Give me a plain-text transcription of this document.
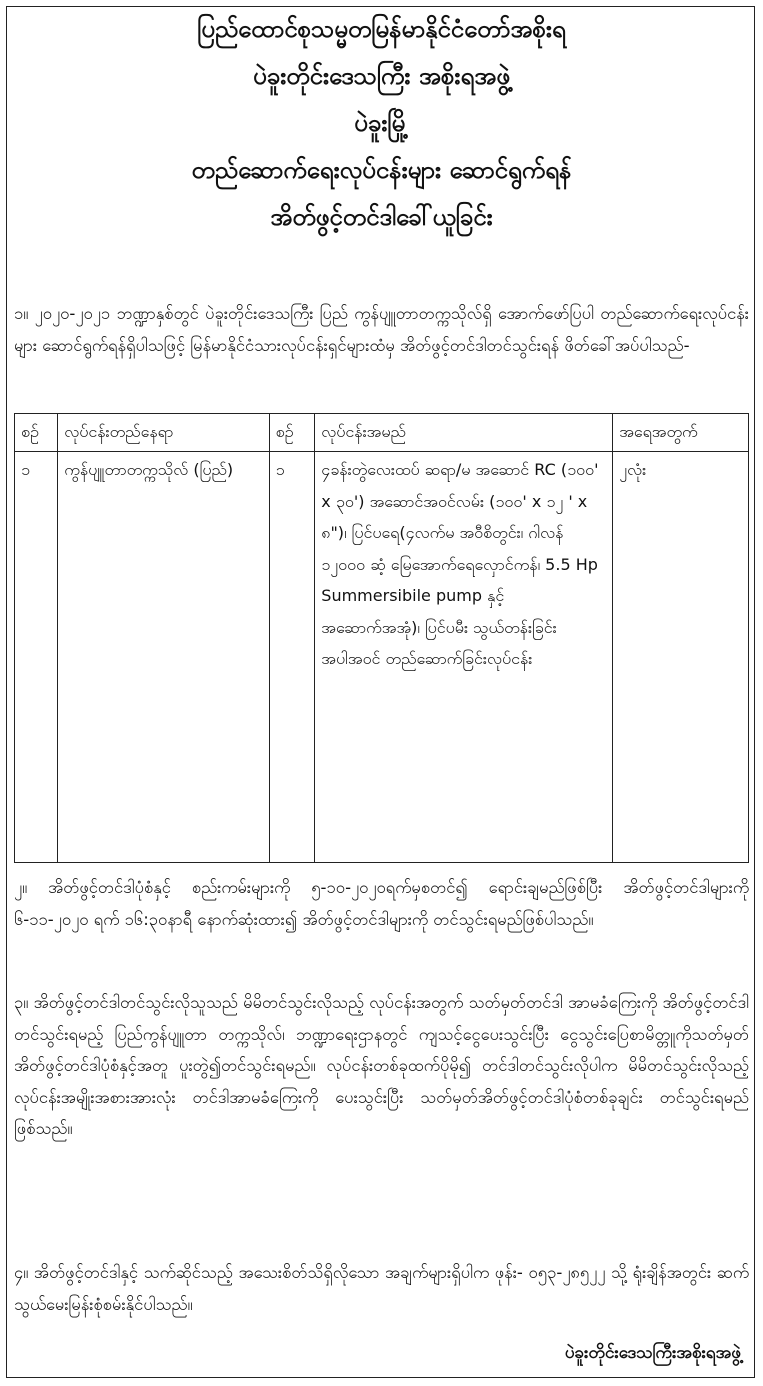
ပြည်ထောင်စုသမ္မတမြန်မာနိုင်ငံတော်အစိုးရ
ပဲခူးတိုင်းဒေသကြီး အစိုးရအဖွဲ့
ပဲခူးမြို့
တည်ဆောက်ရေးလုပ်ငန်းများ ဆောင်ရွက်ရန်
အိတ်ဖွင့်တင်ဒါခေါ်ယူခြင်း
၁။ ၂၀၂၀-၂၀၂၁ ဘဏ္ဍာနှစ်တွင် ပဲခူးတိုင်းဒေသကြီး ပြည် ကွန်ပျူတာတက္ကသိုလ်ရှိ အောက်ဖော်ပြပါ တည်ဆောက်ရေးလုပ်ငန်းများ ဆောင်ရွက်ရန်ရှိပါသဖြင့် မြန်မာနိုင်ငံသားလုပ်ငန်းရှင်များထံမှ အိတ်ဖွင့်တင်ဒါတင်သွင်းရန် ဖိတ်ခေါ်အပ်ပါသည်-
စဉ်	လုပ်ငန်းတည်နေရာ	စဉ်	လုပ်ငန်းအမည်	အရေအတွက်
၁	ကွန်ပျူတာတက္ကသိုလ် (ပြည်)	၁	၄ခန်းတွဲလေးထပ် ဆရာ/မ အဆောင် RC (၁၀၀' x ၃၀') အဆောင်အဝင်လမ်း (၁၀၀' x ၁၂ ' x ၈")၊ ပြင်ပရေ(၄လက်မ အဝီစိတွင်း၊ ဂါလန် ၁၂၀၀၀ ဆံ့ မြေအောက်ရေလှောင်ကန်၊ 5.5 Hp Summersibile pump နှင့် အဆောက်အအုံ)၊ ပြင်ပမီး သွယ်တန်းခြင်း အပါအဝင် တည်ဆောက်ခြင်းလုပ်ငန်း	၂လုံး
၂။ အိတ်ဖွင့်တင်ဒါပုံစံနှင့် စည်းကမ်းများကို ၅-၁၀-၂၀၂၀ရက်မှစတင်၍ ရောင်းချမည်ဖြစ်ပြီး အိတ်ဖွင့်တင်ဒါများကို ၆-၁၁-၂၀၂၀ ရက် ၁၆:၃၀နာရီ နောက်ဆုံးထား၍ အိတ်ဖွင့်တင်ဒါများကို တင်သွင်းရမည်ဖြစ်ပါသည်။
၃။ အိတ်ဖွင့်တင်ဒါတင်သွင်းလိုသူသည် မိမိတင်သွင်းလိုသည့် လုပ်ငန်းအတွက် သတ်မှတ်တင်ဒါ အာမခံကြေးကို အိတ်ဖွင့်တင်ဒါတင်သွင်းရမည့် ပြည်ကွန်ပျူတာ တက္ကသိုလ်၊ ဘဏ္ဍာရေးဌာနတွင် ကျသင့်ငွေပေးသွင်းပြီး ငွေသွင်းပြေစာမိတ္တူကိုသတ်မှတ်အိတ်ဖွင့်တင်ဒါပုံစံနှင့်အတူ ပူးတွဲ၍တင်သွင်းရမည်။ လုပ်ငန်းတစ်ခုထက်ပိုမို၍ တင်ဒါတင်သွင်းလိုပါက မိမိတင်သွင်းလိုသည့် လုပ်ငန်းအမျိုးအစားအားလုံး တင်ဒါအာမခံကြေးကို ပေးသွင်းပြီး သတ်မှတ်အိတ်ဖွင့်တင်ဒါပုံစံတစ်ခုချင်း တင်သွင်းရမည်ဖြစ်သည်။
၄။ အိတ်ဖွင့်တင်ဒါနှင့် သက်ဆိုင်သည့် အသေးစိတ်သိရှိလိုသော အချက်များရှိပါက ဖုန်း- ၀၅၃-၂၈၅၂၂ သို့ ရုံးချိန်အတွင်း ဆက်သွယ်မေးမြန်းစုံစမ်းနိုင်ပါသည်။
ပဲခူးတိုင်းဒေသကြီးအစိုးရအဖွဲ့
